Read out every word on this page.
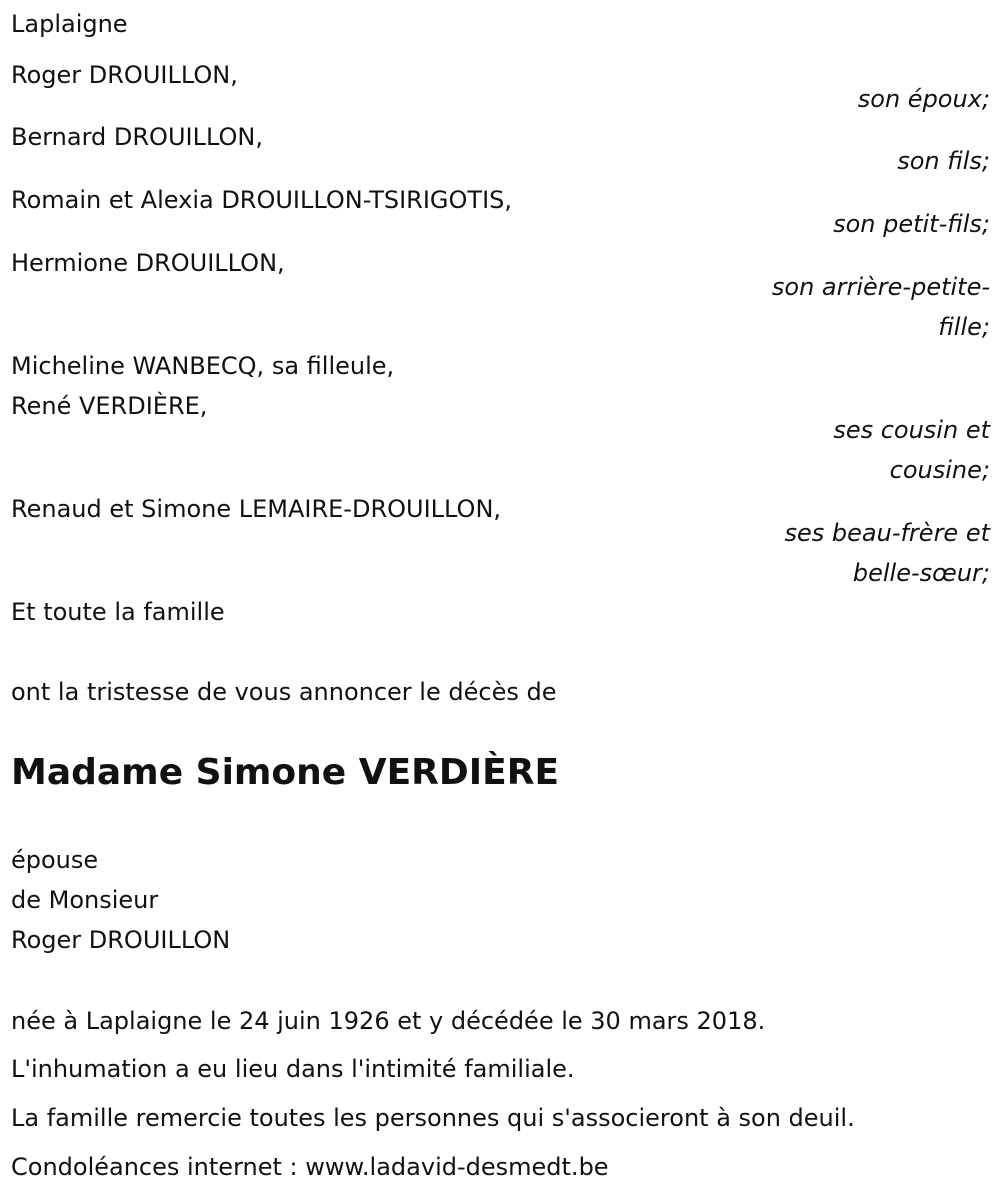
Laplaigne
Roger DROUILLON,
son époux;
Bernard DROUILLON,
son fils;
Romain et Alexia DROUILLON-TSIRIGOTIS,
son petit-fils;
Hermione DROUILLON,
son arrière-petite-
fille;
Micheline WANBECQ, sa filleule,
René VERDIÈRE,
ses cousin et
cousine;
Renaud et Simone LEMAIRE-DROUILLON,
ses beau-frère et
belle-sœur;
Et toute la famille
ont la tristesse de vous annoncer le décès de
Madame Simone VERDIÈRE
épouse
de Monsieur
Roger DROUILLON
née à Laplaigne le 24 juin 1926 et y décédée le 30 mars 2018.
L'inhumation a eu lieu dans l'intimité familiale.
La famille remercie toutes les personnes qui s'associeront à son deuil.
Condoléances internet : www.ladavid-desmedt.be
